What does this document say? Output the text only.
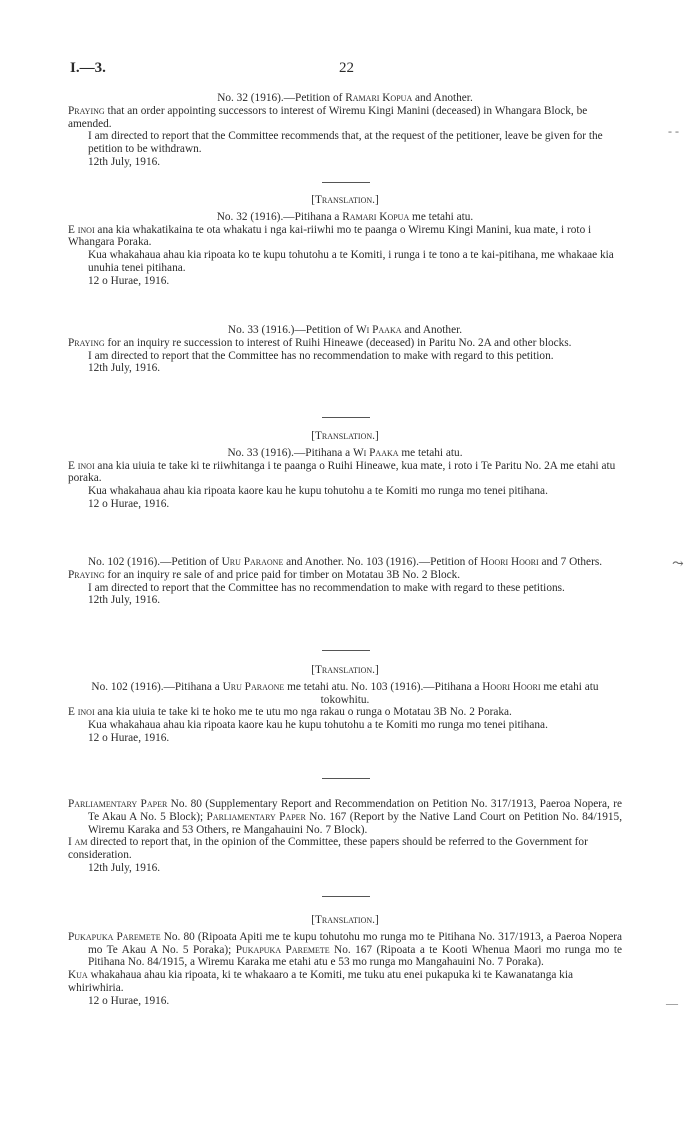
I.—3.	22
No. 32 (1916).—Petition of Ramari Kopua and Another.
Praying that an order appointing successors to interest of Wiremu Kingi Manini (deceased) in Whangara Block, be amended.
I am directed to report that the Committee recommends that, at the request of the petitioner, leave be given for the petition to be withdrawn.
12th July, 1916.
[Translation.]
No. 32 (1916).—Pitihana a Ramari Kopua me tetahi atu.
E inoi ana kia whakatikaina te ota whakatu i nga kai-riiwhi mo te paanga o Wiremu Kingi Manini, kua mate, i roto i Whangara Poraka.
Kua whakahaua ahau kia ripoata ko te kupu tohutohu a te Komiti, i runga i te tono a te kai-pitihana, me whakaae kia unuhia tenei pitihana.
12 o Hurae, 1916.
No. 33 (1916.)—Petition of Wi Paaka and Another.
Praying for an inquiry re succession to interest of Ruihi Hineawe (deceased) in Paritu No. 2A and other blocks.
I am directed to report that the Committee has no recommendation to make with regard to this petition.
12th July, 1916.
[Translation.]
No. 33 (1916).—Pitihana a Wi Paaka me tetahi atu.
E inoi ana kia uiuia te take ki te riiwhitanga i te paanga o Ruihi Hineawe, kua mate, i roto i Te Paritu No. 2A me etahi atu poraka.
Kua whakahaua ahau kia ripoata kaore kau he kupu tohutohu a te Komiti mo runga mo tenei pitihana.
12 o Hurae, 1916.
No. 102 (1916).—Petition of Uru Paraone and Another. No. 103 (1916).—Petition of Hoori Hoori and 7 Others.
Praying for an inquiry re sale of and price paid for timber on Motatau 3B No. 2 Block.
I am directed to report that the Committee has no recommendation to make with regard to these petitions.
12th July, 1916.
[Translation.]
No. 102 (1916).—Pitihana a Uru Paraone me tetahi atu. No. 103 (1916).—Pitihana a Hoori Hoori me etahi atu tokowhitu.
E inoi ana kia uiuia te take ki te hoko me te utu mo nga rakau o runga o Motatau 3B No. 2 Poraka.
Kua whakahaua ahau kia ripoata kaore kau he kupu tohutohu a te Komiti mo runga mo tenei pitihana.
12 o Hurae, 1916.
Parliamentary Paper No. 80 (Supplementary Report and Recommendation on Petition No. 317/1913, Paeroa Nopera, re Te Akau A No. 5 Block); Parliamentary Paper No. 167 (Report by the Native Land Court on Petition No. 84/1915, Wiremu Karaka and 53 Others, re Mangahauini No. 7 Block).
I am directed to report that, in the opinion of the Committee, these papers should be referred to the Government for consideration.
12th July, 1916.
[Translation.]
Pukapuka Paremete No. 80 (Ripoata Apiti me te kupu tohutohu mo runga mo te Pitihana No. 317/1913, a Paeroa Nopera mo Te Akau A No. 5 Poraka); Pukapuka Paremete No. 167 (Ripoata a te Kooti Whenua Maori mo runga mo te Pitihana No. 84/1915, a Wiremu Karaka me etahi atu e 53 mo runga mo Mangahauini No. 7 Poraka).
Kua whakahaua ahau kia ripoata, ki te whakaaro a te Komiti, me tuku atu enei pukapuka ki te Kawanatanga kia whiriwhiria.
12 o Hurae, 1916.
- -
⤳
—
